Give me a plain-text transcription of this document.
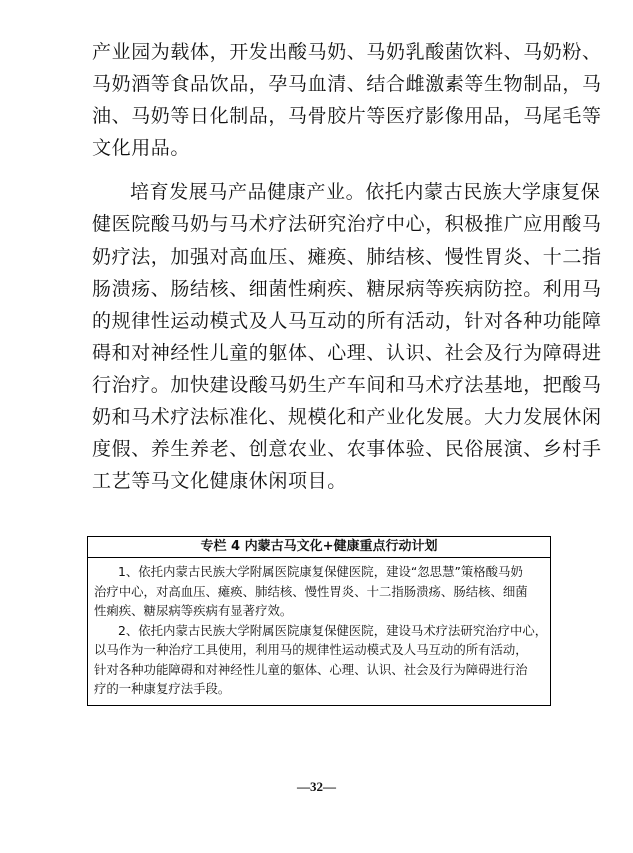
产业园为载体，开发出酸马奶、马奶乳酸菌饮料、马奶粉、
马奶酒等食品饮品，孕马血清、结合雌激素等生物制品，马
油、马奶等日化制品，马骨胶片等医疗影像用品，马尾毛等
文化用品。
培育发展马产品健康产业。依托内蒙古民族大学康复保
健医院酸马奶与马术疗法研究治疗中心，积极推广应用酸马
奶疗法，加强对高血压、瘫痪、肺结核、慢性胃炎、十二指
肠溃疡、肠结核、细菌性痢疾、糖尿病等疾病防控。利用马
的规律性运动模式及人马互动的所有活动，针对各种功能障
碍和对神经性儿童的躯体、心理、认识、社会及行为障碍进
行治疗。加快建设酸马奶生产车间和马术疗法基地，把酸马
奶和马术疗法标准化、规模化和产业化发展。大力发展休闲
度假、养生养老、创意农业、农事体验、民俗展演、乡村手
工艺等马文化健康休闲项目。
专栏 4 内蒙古马文化+健康重点行动计划
1、依托内蒙古民族大学附属医院康复保健医院，建设“忽思慧”策格酸马奶
治疗中心，对高血压、瘫痪、肺结核、慢性胃炎、十二指肠溃疡、肠结核、细菌
性痢疾、糖尿病等疾病有显著疗效。
2、依托内蒙古民族大学附属医院康复保健医院，建设马术疗法研究治疗中心，
以马作为一种治疗工具使用，利用马的规律性运动模式及人马互动的所有活动，
针对各种功能障碍和对神经性儿童的躯体、心理、认识、社会及行为障碍进行治
疗的一种康复疗法手段。
—32—
